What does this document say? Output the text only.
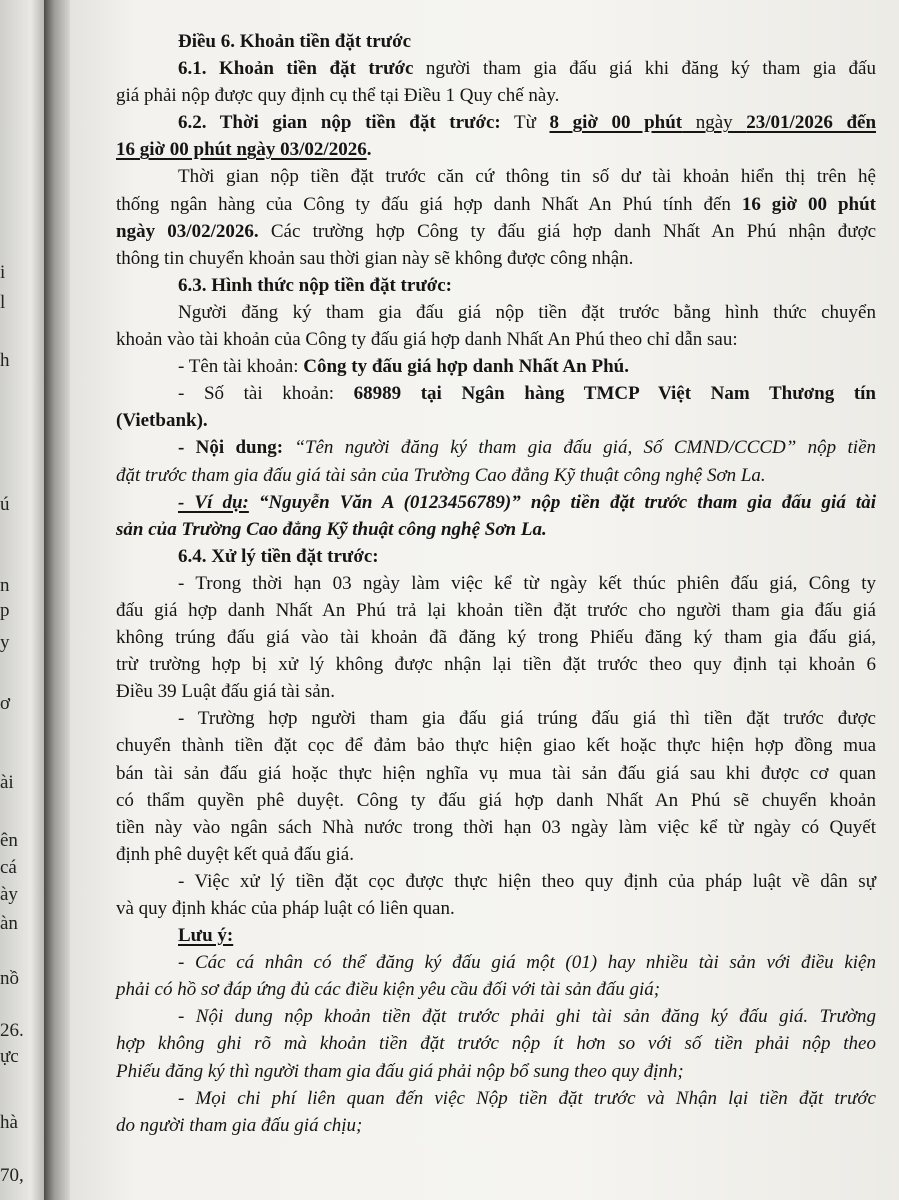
i
l
h
ú
n
p
y
ơ
ài
ên
cá
ày
àn
nồ
26.
ực
hà
70,
Điều 6. Khoản tiền đặt trước
6.1. Khoản tiền đặt trước người tham gia đấu giá khi đăng ký tham gia đấu
giá phải nộp được quy định cụ thể tại Điều 1 Quy chế này.
6.2. Thời gian nộp tiền đặt trước: Từ 8 giờ 00 phút ngày 23/01/2026 đến
16 giờ 00 phút ngày 03/02/2026.
Thời gian nộp tiền đặt trước căn cứ thông tin số dư tài khoản hiển thị trên hệ
thống ngân hàng của Công ty đấu giá hợp danh Nhất An Phú tính đến 16 giờ 00 phút
ngày 03/02/2026. Các trường hợp Công ty đấu giá hợp danh Nhất An Phú nhận được
thông tin chuyển khoản sau thời gian này sẽ không được công nhận.
6.3. Hình thức nộp tiền đặt trước:
Người đăng ký tham gia đấu giá nộp tiền đặt trước bằng hình thức chuyển
khoản vào tài khoản của Công ty đấu giá hợp danh Nhất An Phú theo chỉ dẫn sau:
- Tên tài khoản: Công ty đấu giá hợp danh Nhất An Phú.
- Số tài khoản: 68989 tại Ngân hàng TMCP Việt Nam Thương tín
(Vietbank).
- Nội dung: “Tên người đăng ký tham gia đấu giá, Số CMND/CCCD” nộp tiền
đặt trước tham gia đấu giá tài sản của Trường Cao đẳng Kỹ thuật công nghệ Sơn La.
- Ví dụ: “Nguyễn Văn A (0123456789)” nộp tiền đặt trước tham gia đấu giá tài
sản của Trường Cao đẳng Kỹ thuật công nghệ Sơn La.
6.4. Xử lý tiền đặt trước:
- Trong thời hạn 03 ngày làm việc kể từ ngày kết thúc phiên đấu giá, Công ty
đấu giá hợp danh Nhất An Phú trả lại khoản tiền đặt trước cho người tham gia đấu giá
không trúng đấu giá vào tài khoản đã đăng ký trong Phiếu đăng ký tham gia đấu giá,
trừ trường hợp bị xử lý không được nhận lại tiền đặt trước theo quy định tại khoản 6
Điều 39 Luật đấu giá tài sản.
- Trường hợp người tham gia đấu giá trúng đấu giá thì tiền đặt trước được
chuyển thành tiền đặt cọc để đảm bảo thực hiện giao kết hoặc thực hiện hợp đồng mua
bán tài sản đấu giá hoặc thực hiện nghĩa vụ mua tài sản đấu giá sau khi được cơ quan
có thẩm quyền phê duyệt. Công ty đấu giá hợp danh Nhất An Phú sẽ chuyển khoản
tiền này vào ngân sách Nhà nước trong thời hạn 03 ngày làm việc kể từ ngày có Quyết
định phê duyệt kết quả đấu giá.
- Việc xử lý tiền đặt cọc được thực hiện theo quy định của pháp luật về dân sự
và quy định khác của pháp luật có liên quan.
Lưu ý:
- Các cá nhân có thể đăng ký đấu giá một (01) hay nhiều tài sản với điều kiện
phải có hồ sơ đáp ứng đủ các điều kiện yêu cầu đối với tài sản đấu giá;
- Nội dung nộp khoản tiền đặt trước phải ghi tài sản đăng ký đấu giá. Trường
hợp không ghi rõ mà khoản tiền đặt trước nộp ít hơn so với số tiền phải nộp theo
Phiếu đăng ký thì người tham gia đấu giá phải nộp bổ sung theo quy định;
- Mọi chi phí liên quan đến việc Nộp tiền đặt trước và Nhận lại tiền đặt trước
do người tham gia đấu giá chịu;
